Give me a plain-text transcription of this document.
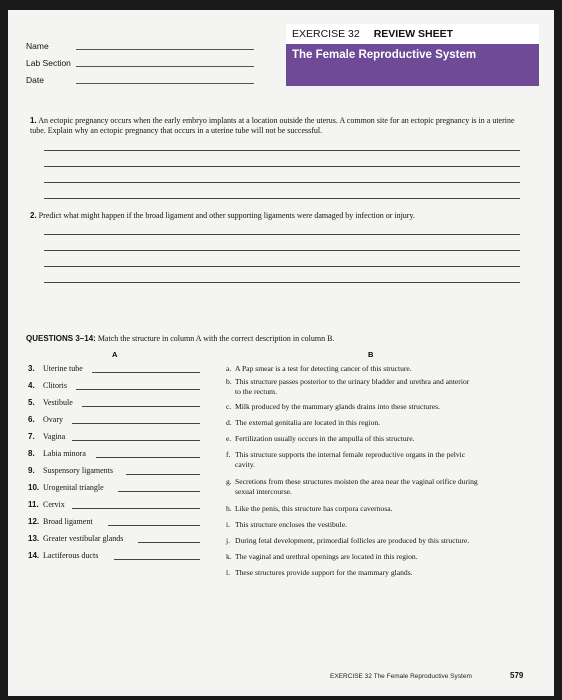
EXERCISE 32 REVIEW SHEET
The Female Reproductive System
Name
Lab Section
Date
1. An ectopic pregnancy occurs when the early embryo implants at a location outside the uterus. A common site for an ectopic pregnancy is in a uterine tube. Explain why an ectopic pregnancy that occurs in a uterine tube will not be successful.
2. Predict what might happen if the broad ligament and other supporting ligaments were damaged by infection or injury.
QUESTIONS 3–14: Match the structure in column A with the correct description in column B.
A	B
3.	Uterine tube
4.	Clitoris
5.	Vestibule
6.	Ovary
7.	Vagina
8.	Labia minora
9.	Suspensory ligaments
10. Urogenital triangle
11. Cervix
12. Broad ligament
13. Greater vestibular glands
14. Lactiferous ducts
a. A Pap smear is a test for detecting cancer of this structure.
b. This structure passes posterior to the urinary bladder and urethra and anterior
to the rectum.
c. Milk produced by the mammary glands drains into these structures.
d. The external genitalia are located in this region.
e. Fertilization usually occurs in the ampulla of this structure.
f. This structure supports the internal female reproductive organs in the pelvic
cavity.
g. Secretions from these structures moisten the area near the vaginal orifice during
sexual intercourse.
h. Like the penis, this structure has corpora cavernosa.
i. This structure encloses the vestibule.
j. During fetal development, primordial follicles are produced by this structure.
k. The vaginal and urethral openings are located in this region.
l. These structures provide support for the mammary glands.
EXERCISE 32 The Female Reproductive System	579
